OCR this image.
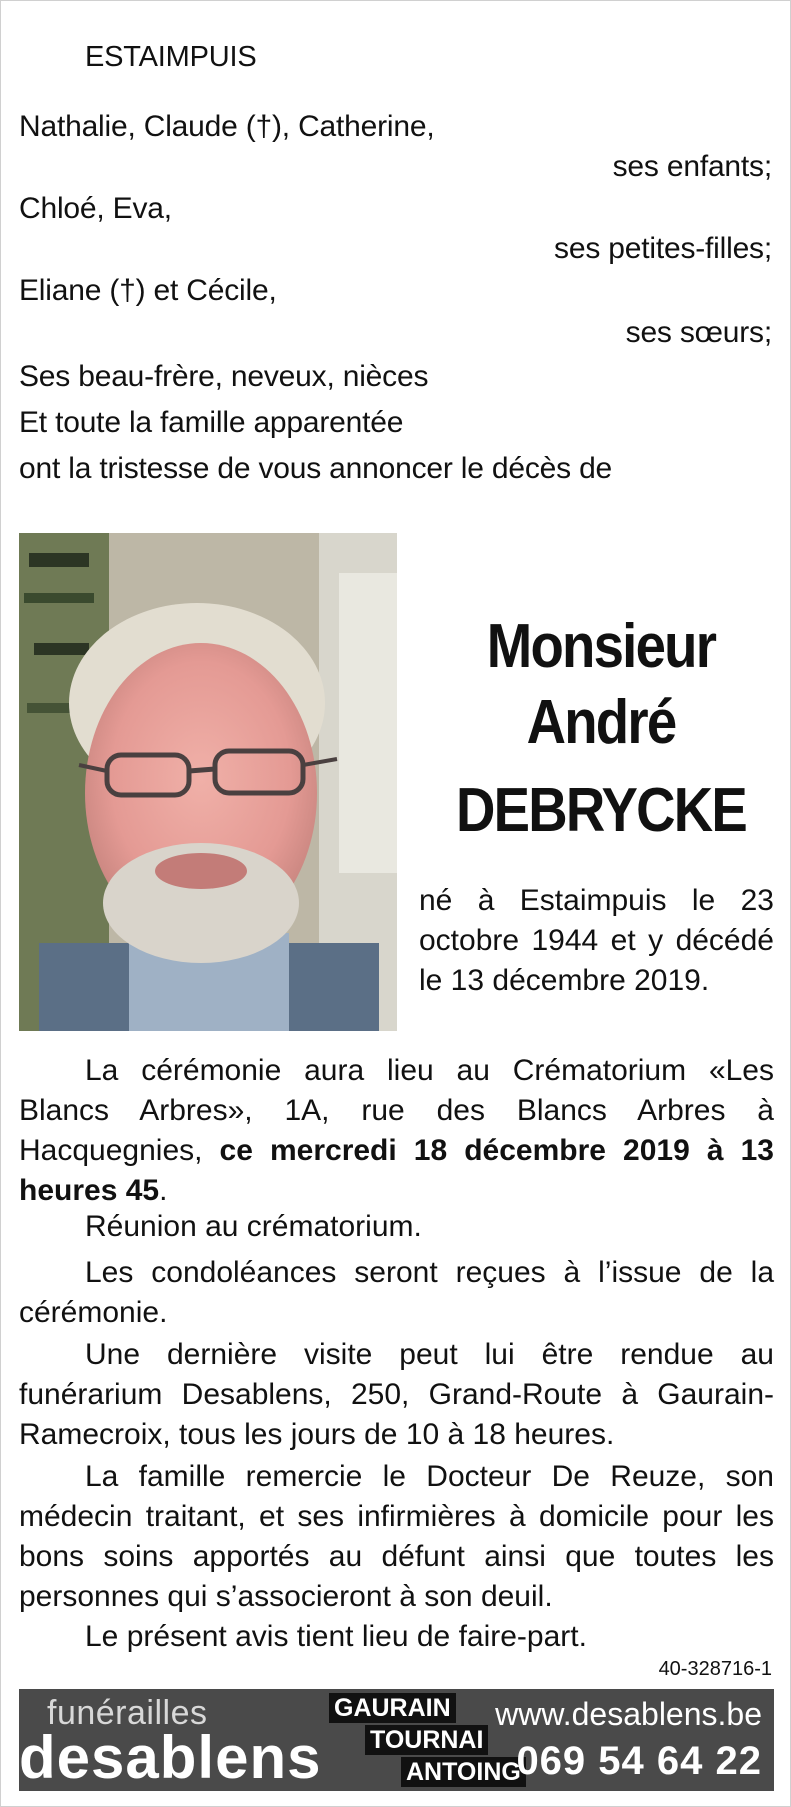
ESTAIMPUIS
Nathalie, Claude (†), Catherine,
ses enfants;
Chloé, Eva,
ses petites-filles;
Eliane (†) et Cécile,
ses sœurs;
Ses beau-frère, neveux, nièces
Et toute la famille apparentée
ont la tristesse de vous annoncer le décès de
Monsieur
André
DEBRYCKE
né à Estaimpuis le 23 octobre 1944 et y décédé le 13 décembre 2019.
La cérémonie aura lieu au Crématorium «Les Blancs Arbres», 1A, rue des Blancs Arbres à Hacquegnies, ce mercredi 18 décembre 2019 à 13 heures 45.
Réunion au crématorium.
Les condoléances seront reçues à l’issue de la cérémonie.
Une dernière visite peut lui être rendue au funérarium Desablens, 250, Grand-Route à Gaurain-Ramecroix, tous les jours de 10 à 18 heures.
La famille remercie le Docteur De Reuze, son médecin traitant, et ses infirmières à domicile pour les bons soins apportés au défunt ainsi que toutes les personnes qui s’associeront à son deuil.
Le présent avis tient lieu de faire-part.
40-328716-1
funérailles
desablens
GAURAIN
TOURNAI
ANTOING
www.desablens.be
069 54 64 22
